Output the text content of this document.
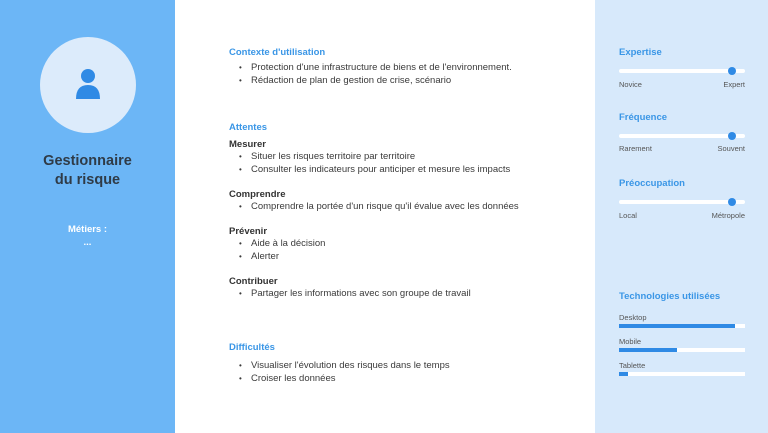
Gestionnaire
du risque
Métiers :
...
Contexte d'utilisation
• Protection d'une infrastructure de biens et de l'environnement.
• Rédaction de plan de gestion de crise, scénario
Attentes
Mesurer
• Situer les risques territoire par territoire
• Consulter les indicateurs pour anticiper et mesure les impacts
Comprendre
• Comprendre la portée d'un risque qu'il évalue avec les données
Prévenir
• Aide à la décision
• Alerter
Contribuer
• Partager les informations avec son groupe de travail
Difficultés
• Visualiser l'évolution des risques dans le temps
• Croiser les données
Expertise
Novice	Expert
Fréquence
Rarement	Souvent
Préoccupation
Local	Métropole
Technologies utilisées
Desktop
Mobile
Tablette
